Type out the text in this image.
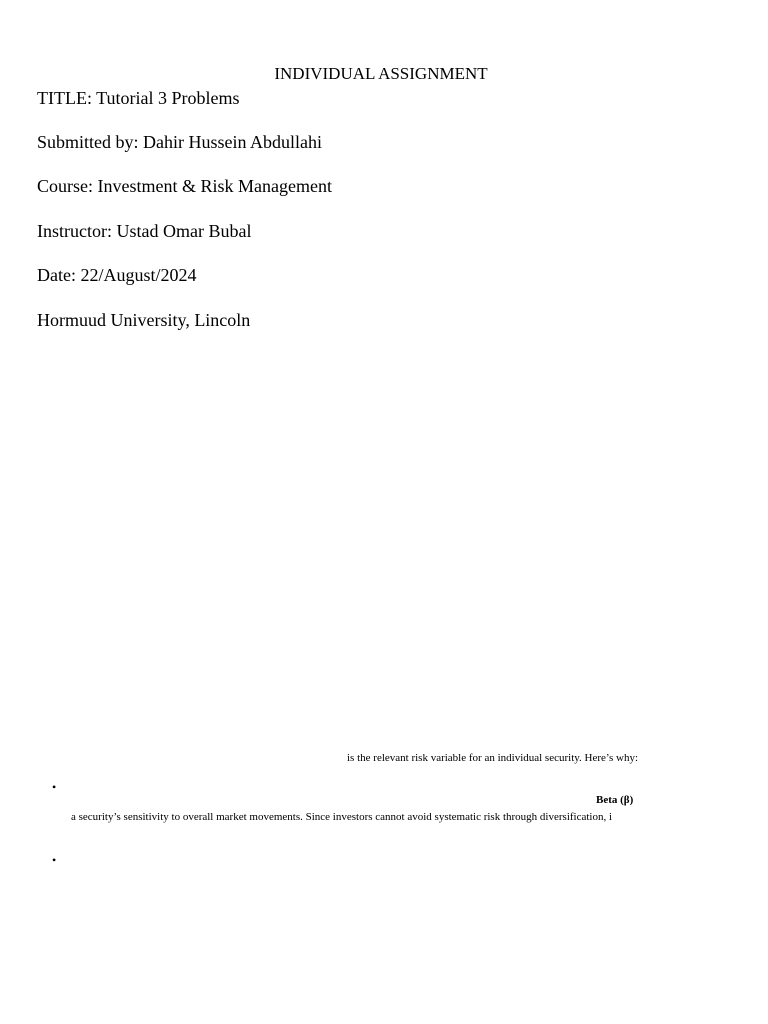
INDIVIDUAL ASSIGNMENT
TITLE: Tutorial 3 Problems
Submitted by: Dahir Hussein Abdullahi
Course: Investment & Risk Management
Instructor: Ustad Omar Bubal
Date: 22/August/2024
Hormuud University, Lincoln
is the relevant risk variable for an individual security. Here’s why:
•
Beta (β)
a security’s sensitivity to overall market movements. Since investors cannot avoid systematic risk through diversification, i
•
